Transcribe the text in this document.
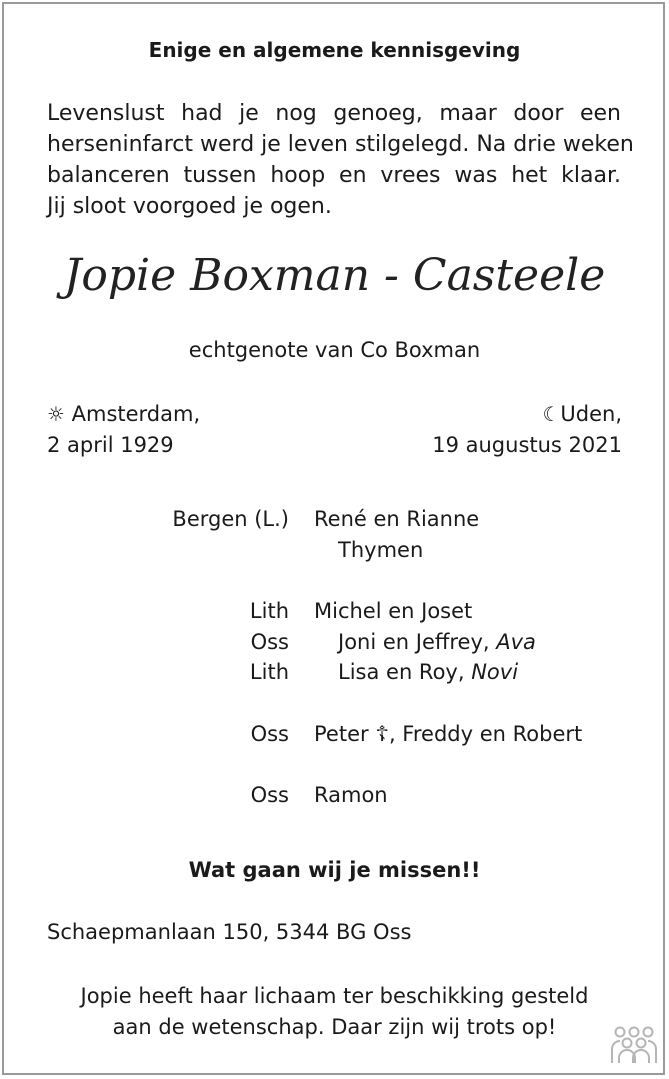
Enige en algemene kennisgeving
Levenslust had je nog genoeg, maar door een
herseninfarct werd je leven stilgelegd. Na drie weken
balanceren tussen hoop en vrees was het klaar.
Jij sloot voorgoed je ogen.
Jopie Boxman - Casteele
echtgenote van Co Boxman
☼ Amsterdam,
2 april 1929
☾Uden,
19 augustus 2021
Bergen (L.) René en Rianne
Thymen
Lith Michel en Joset
Oss Joni en Jeffrey, Ava
Lith Lisa en Roy, Novi
Oss Peter ☦, Freddy en Robert
Oss Ramon
Wat gaan wij je missen!!
Schaepmanlaan 150, 5344 BG Oss
Jopie heeft haar lichaam ter beschikking gesteld
aan de wetenschap. Daar zijn wij trots op!
